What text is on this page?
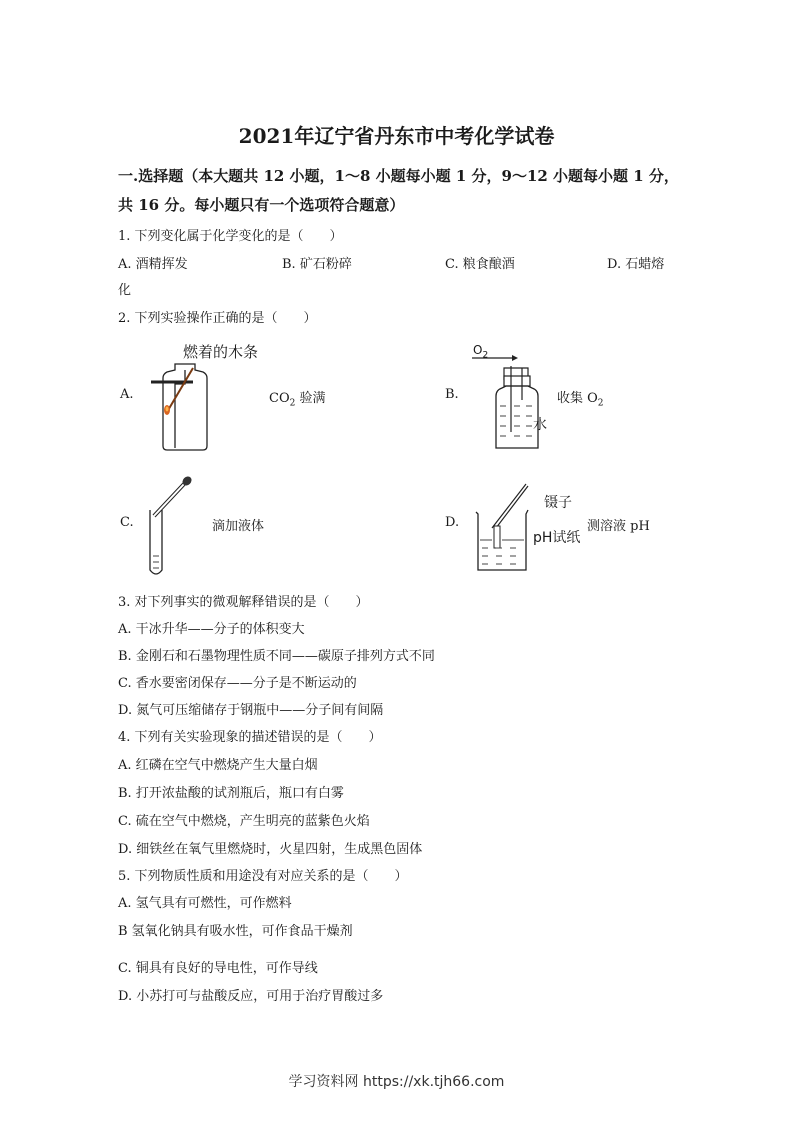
2021年辽宁省丹东市中考化学试卷
一.选择题（本大题共 12 小题，1～8 小题每小题 1 分，9～12 小题每小题 1 分，
共 16 分。每小题只有一个选项符合题意）
1. 下列变化属于化学变化的是（　　）
A. 酒精挥发	B. 矿石粉碎	C. 粮食酿酒	D. 石蜡熔
化
2. 下列实验操作正确的是（　　）
A.
燃着的木条
$CO_2$ 验满	B.
$O_2$
水
收集 $O_2$
C.	滴加液体	D.
镊子
pH试纸
测溶液 pH
3. 对下列事实的微观解释错误的是（　　）
A. 干冰升华——分子的体积变大
B. 金刚石和石墨物理性质不同——碳原子排列方式不同
C. 香水要密闭保存——分子是不断运动的
D. 氮气可压缩储存于钢瓶中——分子间有间隔
4. 下列有关实验现象的描述错误的是（　　）
A. 红磷在空气中燃烧产生大量白烟
B. 打开浓盐酸的试剂瓶后，瓶口有白雾
C. 硫在空气中燃烧，产生明亮的蓝紫色火焰
D. 细铁丝在氧气里燃烧时，火星四射，生成黑色固体
5. 下列物质性质和用途没有对应关系的是（　　）
A. 氢气具有可燃性，可作燃料
B 氢氧化钠具有吸水性，可作食品干燥剂
C. 铜具有良好的导电性，可作导线
D. 小苏打可与盐酸反应，可用于治疗胃酸过多
学习资料网 https://xk.tjh66.com
